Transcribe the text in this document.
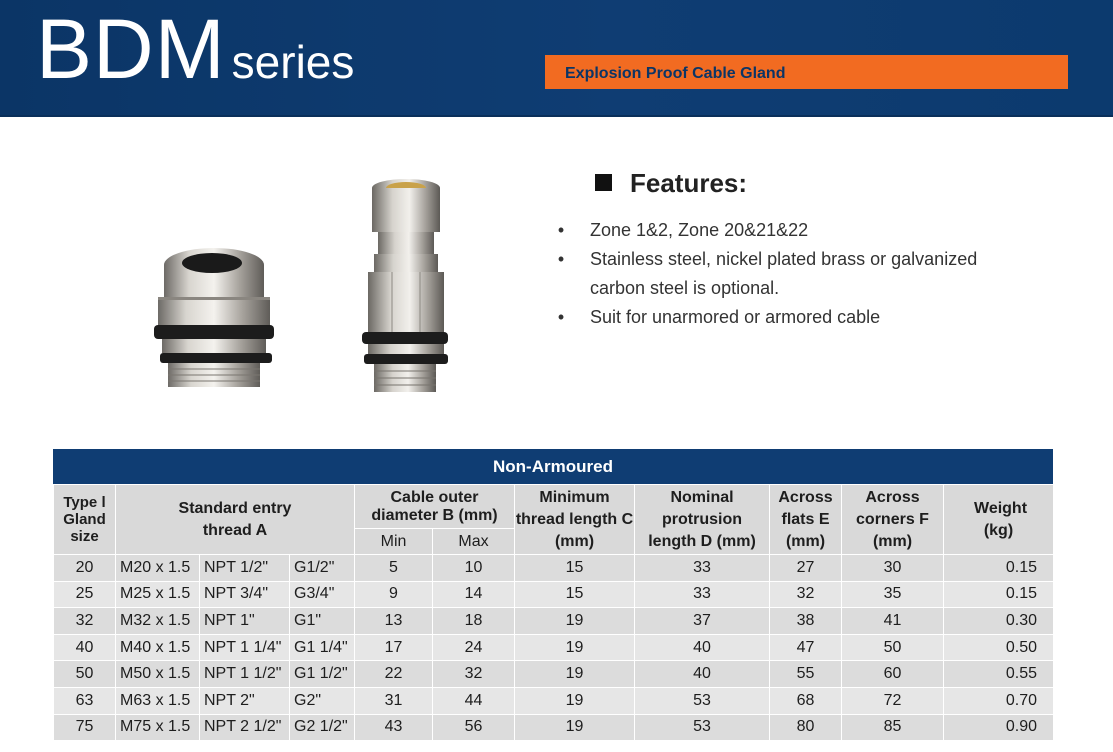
BDM series	Explosion Proof Cable Gland
Features:
• Zone 1&2, Zone 20&21&22
• Stainless steel, nickel plated brass or galvanized carbon steel is optional.
• Suit for unarmored or armored cable
Non-Armoured
Type l Gland size	Standard entry thread A			Cable outer diameter B (mm)		Minimum thread length C (mm)	Nominal protrusion length D (mm)	Across flats E (mm)	Across corners F (mm)	Weight (kg)
				Min	Max					
20	M20 x 1.5	NPT 1/2"	G1/2"	5	10	15	33	27	30	0.15
25	M25 x 1.5	NPT 3/4"	G3/4"	9	14	15	33	32	35	0.15
32	M32 x 1.5	NPT 1"	G1"	13	18	19	37	38	41	0.30
40	M40 x 1.5	NPT 1 1/4"	G1 1/4"	17	24	19	40	47	50	0.50
50	M50 x 1.5	NPT 1 1/2"	G1 1/2"	22	32	19	40	55	60	0.55
63	M63 x 1.5	NPT 2"	G2"	31	44	19	53	68	72	0.70
75	M75 x 1.5	NPT 2 1/2"	G2 1/2"	43	56	19	53	80	85	0.90
